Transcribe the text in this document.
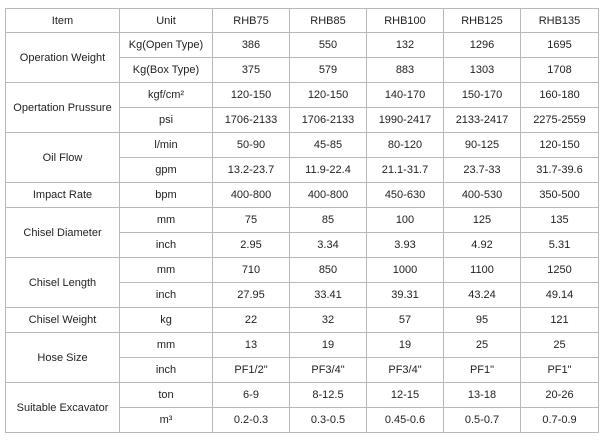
Item	Unit	RHB75	RHB85	RHB100	RHB125	RHB135
Operation Weight	Kg(Open Type)	386	550	132	1296	1695
	Kg(Box Type)	375	579	883	1303	1708
Opertation Prussure	kgf/cm²	120-150	120-150	140-170	150-170	160-180
	psi	1706-2133	1706-2133	1990-2417	2133-2417	2275-2559
Oil Flow	l/min	50-90	45-85	80-120	90-125	120-150
	gpm	13.2-23.7	11.9-22.4	21.1-31.7	23.7-33	31.7-39.6
Impact Rate	bpm	400-800	400-800	450-630	400-530	350-500
Chisel Diameter	mm	75	85	100	125	135
	inch	2.95	3.34	3.93	4.92	5.31
Chisel Length	mm	710	850	1000	1100	1250
	inch	27.95	33.41	39.31	43.24	49.14
Chisel Weight	kg	22	32	57	95	121
Hose Size	mm	13	19	19	25	25
	inch	PF1/2"	PF3/4"	PF3/4"	PF1"	PF1"
Suitable Excavator	ton	6-9	8-12.5	12-15	13-18	20-26
	m³	0.2-0.3	0.3-0.5	0.45-0.6	0.5-0.7	0.7-0.9
